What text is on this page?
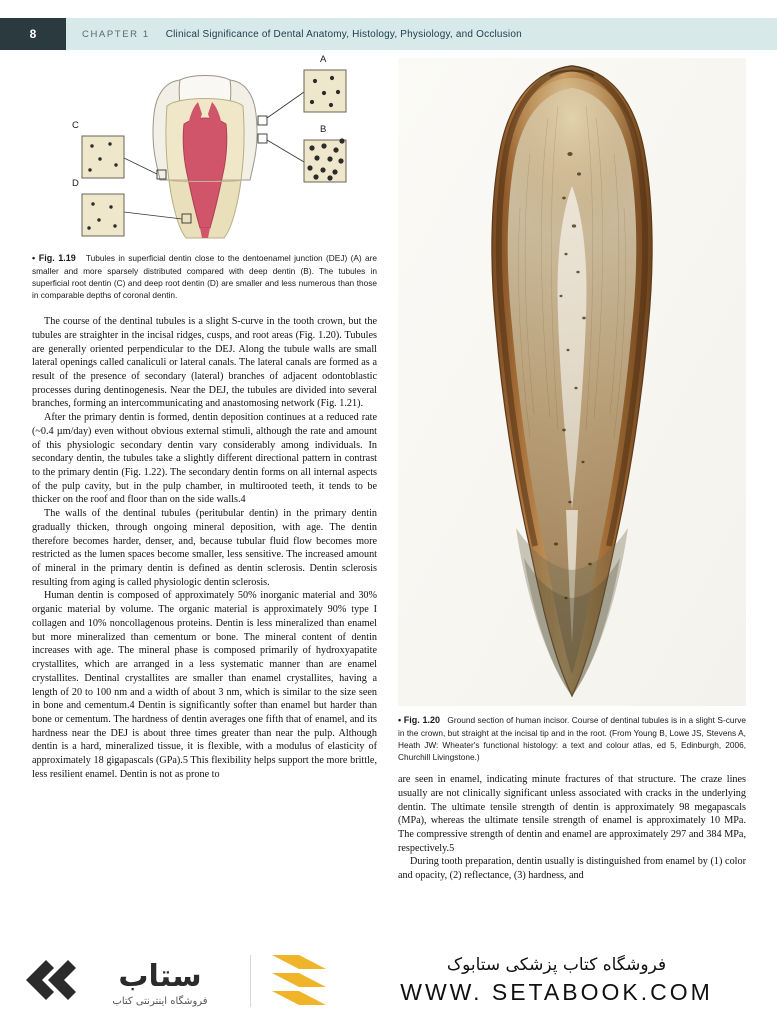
8	CHAPTER 1 Clinical Significance of Dental Anatomy, Histology, Physiology, and Occlusion
A
B
C
D
• Fig. 1.19 Tubules in superficial dentin close to the dentoenamel junction (DEJ) (A) are smaller and more sparsely distributed compared with deep dentin (B). The tubules in superficial root dentin (C) and deep root dentin (D) are smaller and less numerous than those in comparable depths of coronal dentin.

The course of the dentinal tubules is a slight S-curve in the tooth crown, but the tubules are straighter in the incisal ridges, cusps, and root areas (Fig. 1.20). Tubules are generally oriented perpendicular to the DEJ. Along the tubule walls are small lateral openings called canaliculi or lateral canals. The lateral canals are formed as a result of the presence of secondary (lateral) branches of adjacent odontoblastic processes during dentinogenesis. Near the DEJ, the tubules are divided into several branches, forming an intercommunicating and anastomosing network (Fig. 1.21).

After the primary dentin is formed, dentin deposition continues at a reduced rate (~0.4 µm/day) even without obvious external stimuli, although the rate and amount of this physiologic secondary dentin vary considerably among individuals. In secondary dentin, the tubules take a slightly different directional pattern in contrast to the primary dentin (Fig. 1.22). The secondary dentin forms on all internal aspects of the pulp cavity, but in the pulp chamber, in multirooted teeth, it tends to be thicker on the roof and floor than on the side walls.4

The walls of the dentinal tubules (peritubular dentin) in the primary dentin gradually thicken, through ongoing mineral deposition, with age. The dentin therefore becomes harder, denser, and, because tubular fluid flow becomes more restricted as the lumen spaces become smaller, less sensitive. The increased amount of mineral in the primary dentin is defined as dentin sclerosis. Dentin sclerosis resulting from aging is called physiologic dentin sclerosis.

Human dentin is composed of approximately 50% inorganic material and 30% organic material by volume. The organic material is approximately 90% type I collagen and 10% noncollagenous proteins. Dentin is less mineralized than enamel but more mineralized than cementum or bone. The mineral content of dentin increases with age. The mineral phase is composed primarily of hydroxyapatite crystallites, which are arranged in a less systematic manner than are enamel crystallites. Dentinal crystallites are smaller than enamel crystallites, having a length of 20 to 100 nm and a width of about 3 nm, which is similar to the size seen in bone and cementum.4 Dentin is significantly softer than enamel but harder than bone or cementum. The hardness of dentin averages one fifth that of enamel, and its hardness near the DEJ is about three times greater than near the pulp. Although dentin is a hard, mineralized tissue, it is flexible, with a modulus of elasticity of approximately 18 gigapascals (GPa).5 This flexibility helps support the more brittle, less resilient enamel. Dentin is not as prone to

• Fig. 1.20 Ground section of human incisor. Course of dentinal tubules is in a slight S-curve in the crown, but straight at the incisal tip and in the root. (From Young B, Lowe JS, Stevens A, Heath JW: Wheater's functional histology: a text and colour atlas, ed 5, Edinburgh, 2006, Churchill Livingstone.)

are seen in enamel, indicating minute fractures of that structure. The craze lines usually are not clinically significant unless associated with cracks in the underlying dentin. The ultimate tensile strength of dentin is approximately 98 megapascals (MPa), whereas the ultimate tensile strength of enamel is approximately 10 MPa. The compressive strength of dentin and enamel are approximately 297 and 384 MPa, respectively.5

During tooth preparation, dentin usually is distinguished from enamel by (1) color and opacity, (2) reflectance, (3) hardness, and

ستاب
فروشگاه اینترنتی کتاب
فروشگاه کتاب پزشکی ستابوک
WWW. SETABOOK.COM
